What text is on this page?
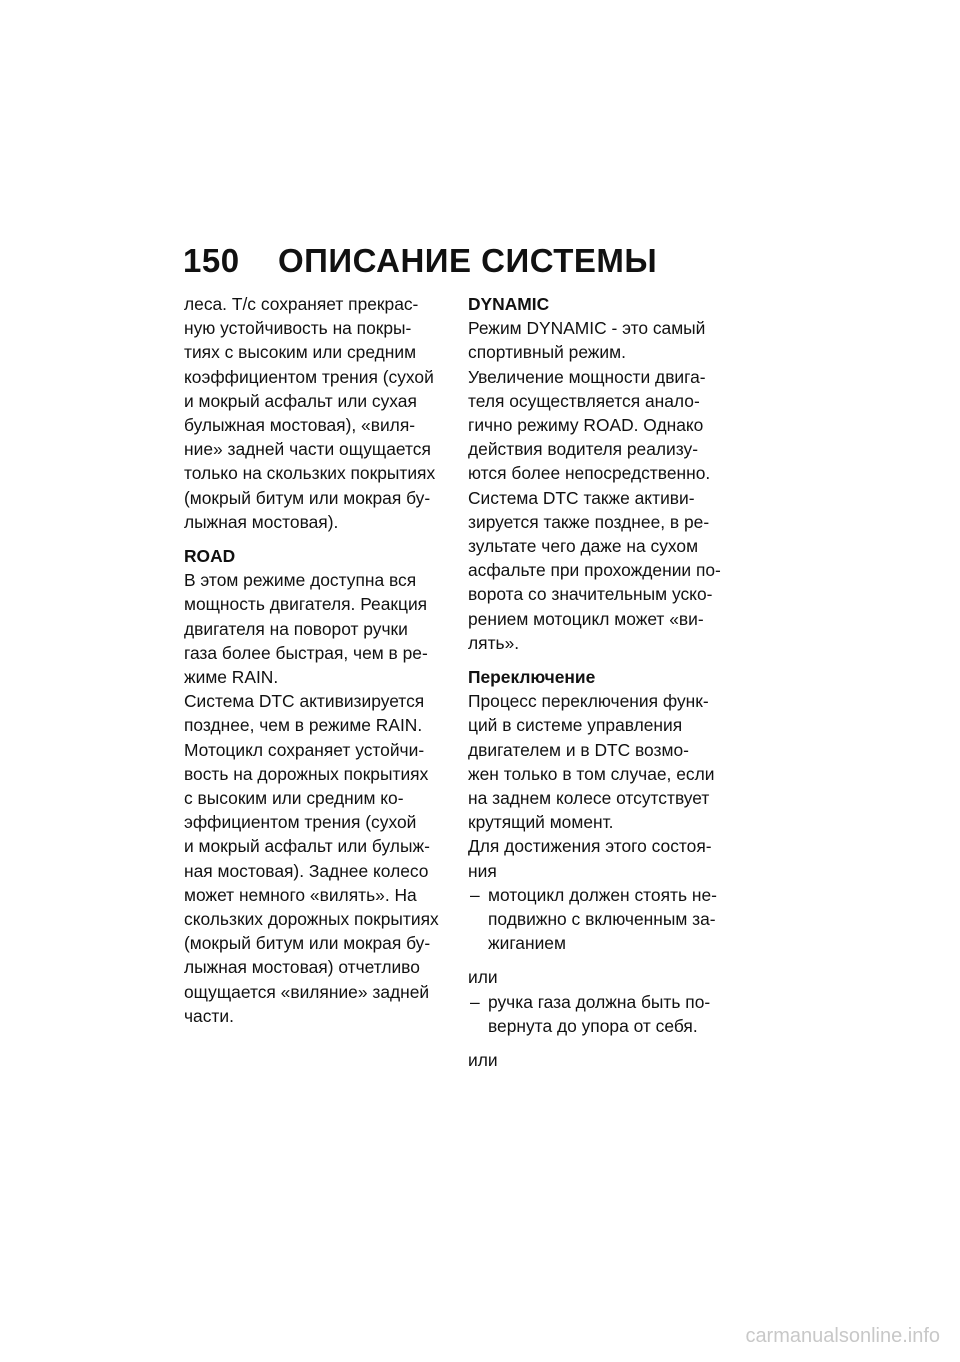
150	ОПИСАНИЕ СИСТЕМЫ
леса. T/c сохраняет прекрас-
ную устойчивость на покры-
тиях с высоким или средним
коэффициентом трения (сухой
и мокрый асфальт или сухая
булыжная мостовая), «виля-
ние» задней части ощущается
только на скользких покрытиях
(мокрый битум или мокрая бу-
лыжная мостовая).
ROAD
В этом режиме доступна вся
мощность двигателя. Реакция
двигателя на поворот ручки
газа более быстрая, чем в ре-
жиме RAIN.
Система DTC активизируется
позднее, чем в режиме RAIN.
Мотоцикл сохраняет устойчи-
вость на дорожных покрытиях
с высоким или средним ко-
эффициентом трения (сухой
и мокрый асфальт или булыж-
ная мостовая). Заднее колесо
может немного «вилять». На
скользких дорожных покрытиях
(мокрый битум или мокрая бу-
лыжная мостовая) отчетливо
ощущается «виляние» задней
части.
DYNAMIC
Режим DYNAMIC - это самый
спортивный режим.
Увеличение мощности двига-
теля осуществляется анало-
гично режиму ROAD. Однако
действия водителя реализу-
ются более непосредственно.
Система DTC также активи-
зируется также позднее, в ре-
зультате чего даже на сухом
асфальте при прохождении по-
ворота со значительным уско-
рением мотоцикл может «ви-
лять».
Переключение
Процесс переключения функ-
ций в системе управления
двигателем и в DTC возмо-
жен только в том случае, если
на заднем колесе отсутствует
крутящий момент.
Для достижения этого состоя-
ния
– мотоцикл должен стоять не-
подвижно с включенным за-
жиганием
или
– ручка газа должна быть по-
вернута до упора от себя.
или
carmanualsonline.info
